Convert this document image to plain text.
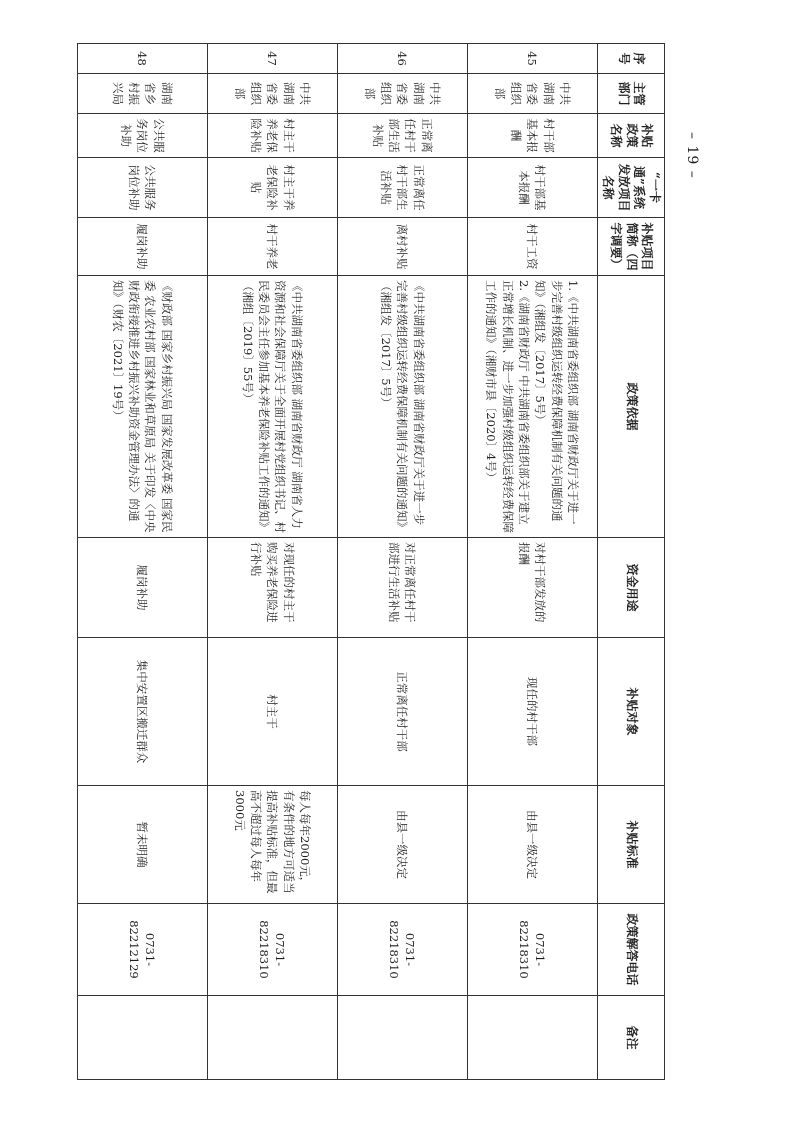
序号	主管部门	补贴政策名称	“一卡通”系统发放项目名称	补贴项目简称（四字调要）	政策依据	资金用途	补贴对象	补贴标准	政策解答电话	备注
45	中共湖南省委组织部	村干部基本报酬	村干部基本报酬	村干工资	1.《中共湖南省委组织部 湖南省财政厅关于进一步完善村级组织运转经费保障机制有关问题的通知》（湘组发〔2017〕5号）
2.《湖南省财政厅 中共湖南省委组织部关于建立正常增长机制、进一步加强村级组织运转经费保障工作的通知》（湘财市县〔2020〕4号）	对村干部发放的报酬	现任的村干部	由县一级决定	0731-82218310	
46	中共湖南省委组织部	正常离任村干部生活补贴	正常离任村干部生活补贴	离村补贴	《中共湖南省委组织部 湖南省财政厅关于进一步完善村级组织运转经费保障机制有关问题的通知》（湘组发〔2017〕5号）	对正常离任村干部进行生活补贴	正常离任村干部	由县一级决定	0731-82218310	
47	中共湖南省委组织部	村主干养老保险补贴	村主干养老保险补贴	村干养老	《中共湖南省委组织部 湖南省财政厅 湖南省人力资源和社会保障厅关于全面开展村党组织书记、村民委员会主任参加基本养老保险补贴工作的通知》（湘组〔2019〕55号）	对现任的村主干购买养老保险进行补贴	村主干	每人每年2000元，有条件的地方可适当提高补贴标准，但最高不超过每人每年3000元	0731-82218310	
48	湖南省乡村振兴局	公共服务岗位补助	公共服务岗位补助	履岗补助	《财政部 国家乡村振兴局 国家发展改革委 国家民委 农业农村部 国家林业和草原局 关于印发〈中央财政衔接推进乡村振兴补助资金管理办法〉的通知》（财农〔2021〕19号）	履岗补助	集中安置区搬迁群众	暂未明确	0731-82212129	
– 19 –
